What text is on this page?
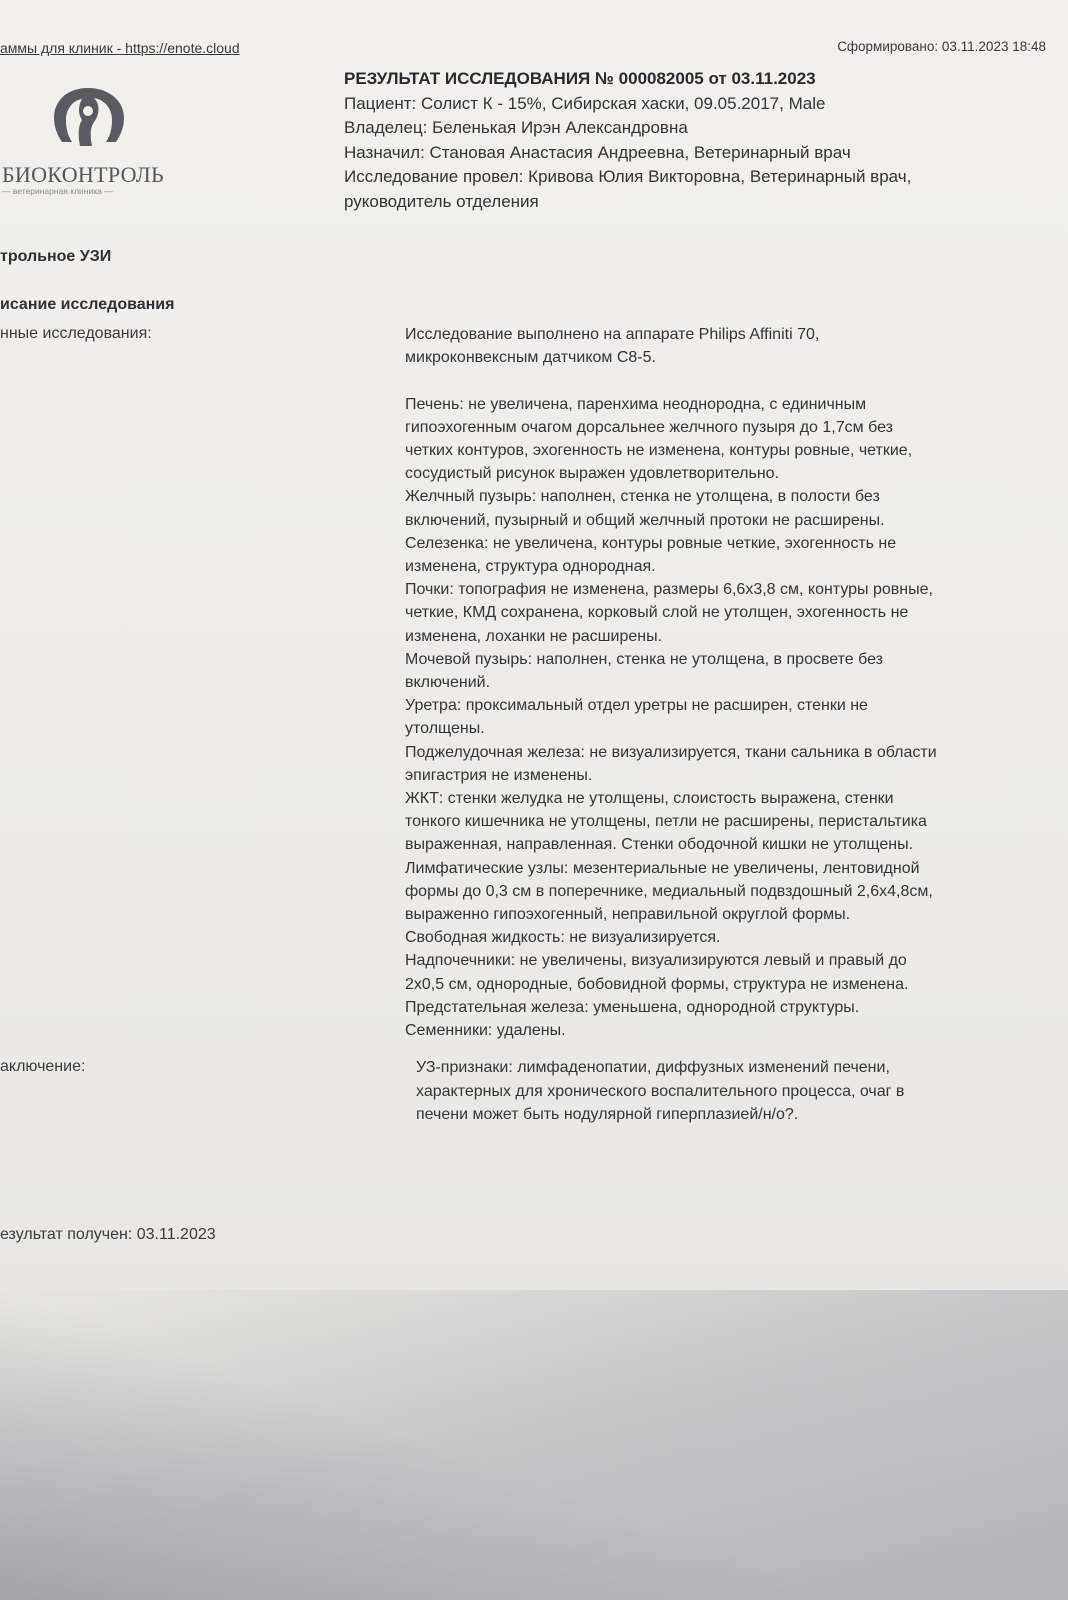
аммы для клиник - https://enote.cloud	Сформировано: 03.11.2023 18:48
БИОКОНТРОЛЬ
— ветеринарная клиника —
РЕЗУЛЬТАТ ИССЛЕДОВАНИЯ № 000082005 от 03.11.2023
Пациент: Солист К - 15%, Сибирская хаски, 09.05.2017, Male
Владелец: Беленькая Ирэн Александровна
Назначил: Становая Анастасия Андреевна, Ветеринарный врач
Исследование провел: Кривова Юлия Викторовна, Ветеринарный врач,
руководитель отделения
трольное УЗИ
исание исследования
нные исследования:	Исследование выполнено на аппарате Philips Affiniti 70,
микроконвексным датчиком C8-5.
Печень: не увеличена, паренхима неоднородна, с единичным
гипоэхогенным очагом дорсальнее желчного пузыря до 1,7см без
четких контуров, эхогенность не изменена, контуры ровные, четкие,
сосудистый рисунок выражен удовлетворительно.
Желчный пузырь: наполнен, стенка не утолщена, в полости без
включений, пузырный и общий желчный протоки не расширены.
Селезенка: не увеличена, контуры ровные четкие, эхогенность не
изменена, структура однородная.
Почки: топография не изменена, размеры 6,6х3,8 см, контуры ровные,
четкие, КМД сохранена, корковый слой не утолщен, эхогенность не
изменена, лоханки не расширены.
Мочевой пузырь: наполнен, стенка не утолщена, в просвете без
включений.
Уретра: проксимальный отдел уретры не расширен, стенки не
утолщены.
Поджелудочная железа: не визуализируется, ткани сальника в области
эпигастрия не изменены.
ЖКТ: стенки желудка не утолщены, слоистость выражена, стенки
тонкого кишечника не утолщены, петли не расширены, перистальтика
выраженная, направленная. Стенки ободочной кишки не утолщены.
Лимфатические узлы: мезентериальные не увеличены, лентовидной
формы до 0,3 см в поперечнике, медиальный подвздошный 2,6х4,8см,
выраженно гипоэхогенный, неправильной округлой формы.
Свободная жидкость: не визуализируется.
Надпочечники: не увеличены, визуализируются левый и правый до
2х0,5 см, однородные, бобовидной формы, структура не изменена.
Предстательная железа: уменьшена, однородной структуры.
Семенники: удалены.
аключение:	УЗ-признаки: лимфаденопатии, диффузных изменений печени,
характерных для хронического воспалительного процесса, очаг в
печени может быть нодулярной гиперплазией/н/о?.
езультат получен: 03.11.2023
